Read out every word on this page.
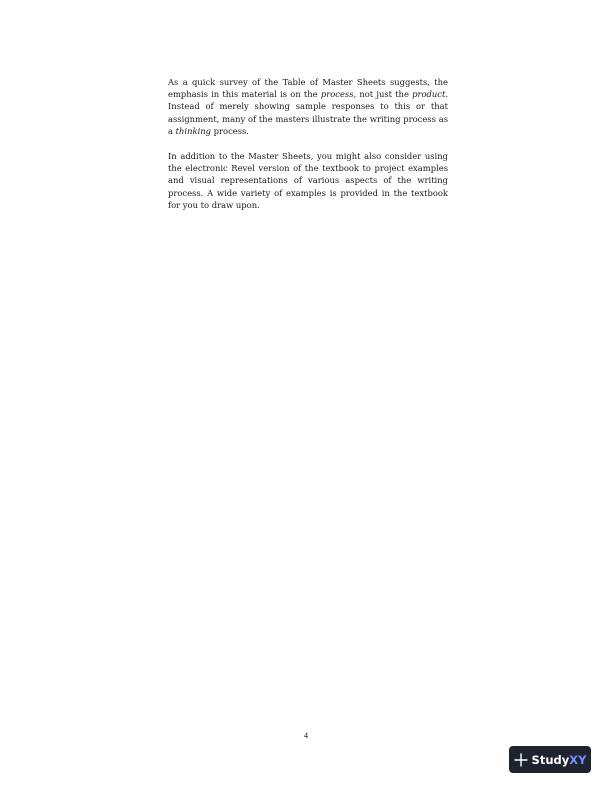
As a quick survey of the Table of Master Sheets suggests, the emphasis in this material is on the process, not just the product. Instead of merely showing sample responses to this or that assignment, many of the masters illustrate the writing process as a thinking process.

In addition to the Master Sheets, you might also consider using the electronic Revel version of the textbook to project examples and visual representations of various aspects of the writing process. A wide variety of examples is provided in the textbook for you to draw upon.

4
StudyXY
